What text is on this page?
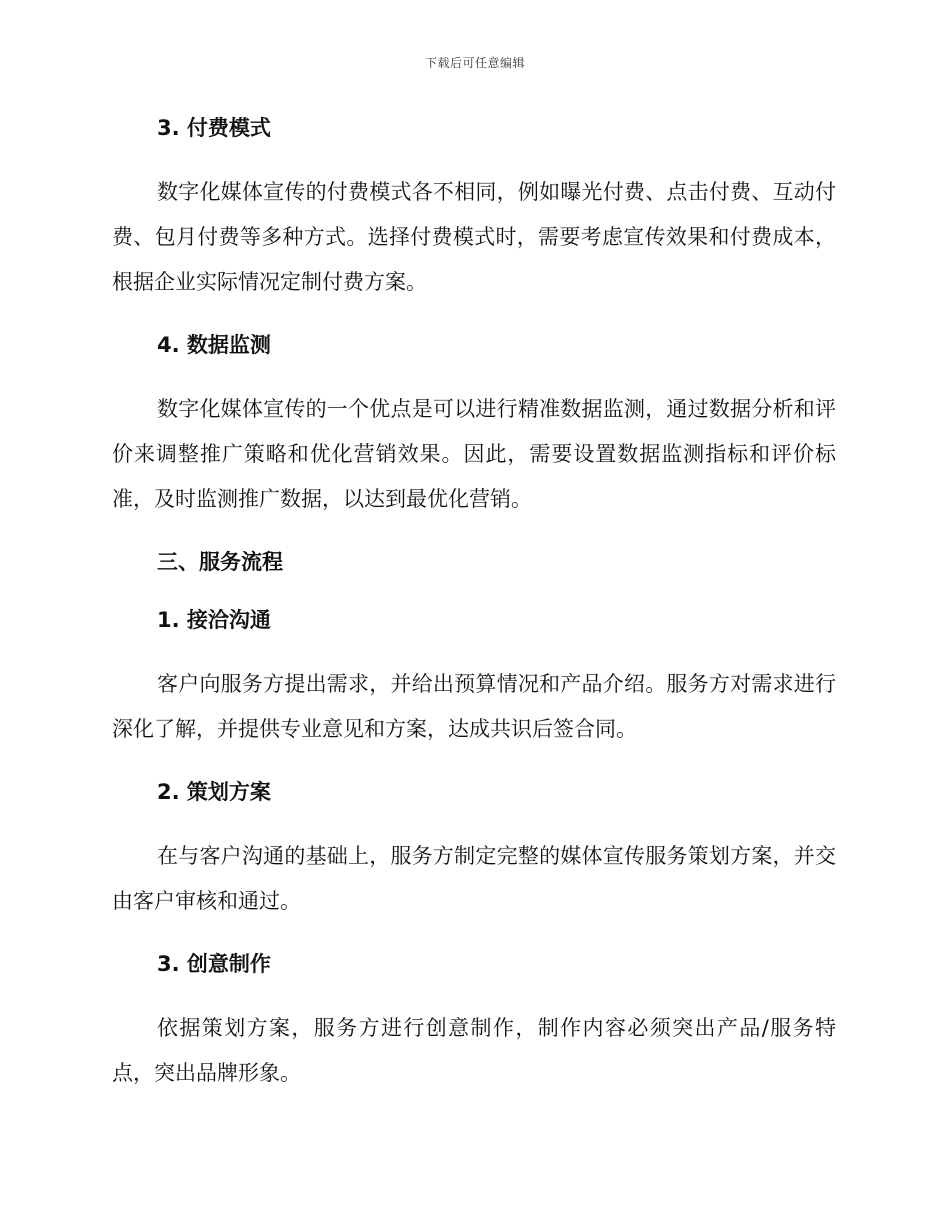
下载后可任意编辑
3. 付费模式

数字化媒体宣传的付费模式各不相同，例如曝光付费、点击付费、互动付费、包月付费等多种方式。选择付费模式时，需要考虑宣传效果和付费成本，根据企业实际情况定制付费方案。

4. 数据监测

数字化媒体宣传的一个优点是可以进行精准数据监测，通过数据分析和评价来调整推广策略和优化营销效果。因此，需要设置数据监测指标和评价标准，及时监测推广数据，以达到最优化营销。

三、服务流程
1. 接洽沟通

客户向服务方提出需求，并给出预算情况和产品介绍。服务方对需求进行深化了解，并提供专业意见和方案，达成共识后签合同。

2. 策划方案

在与客户沟通的基础上，服务方制定完整的媒体宣传服务策划方案，并交由客户审核和通过。

3. 创意制作

依据策划方案，服务方进行创意制作，制作内容必须突出产品/服务特点，突出品牌形象。
